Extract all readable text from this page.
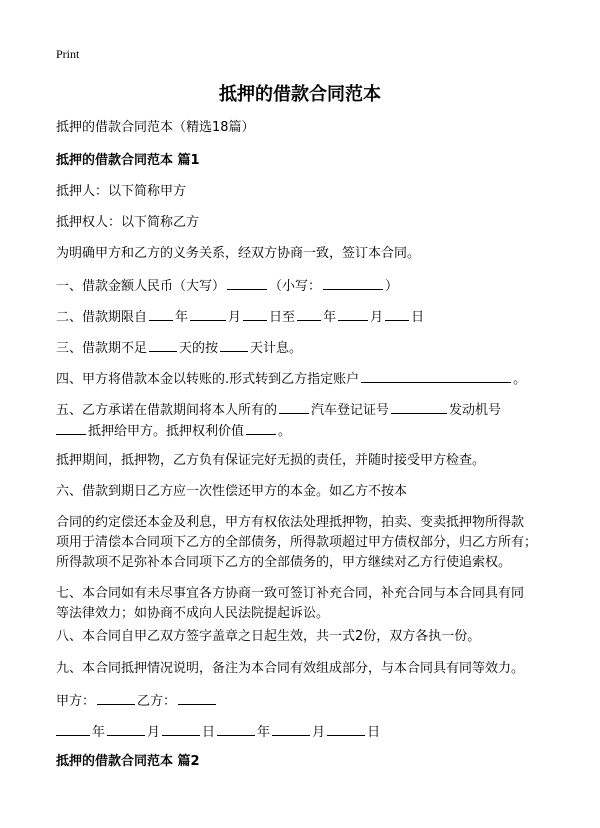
Print
抵押的借款合同范本
抵押的借款合同范本（精选18篇）
抵押的借款合同范本 篇1
抵押人：以下简称甲方
抵押权人：以下简称乙方
为明确甲方和乙方的义务关系，经双方协商一致，签订本合同。
一、借款金额人民币（大写）	（小写：	）
二、借款期限自 年	月 日至 年	月 日
三、借款期不足 天的按 天计息。
四、甲方将借款本金以转账的.形式转到乙方指定账户	。
五、乙方承诺在借款期间将本人所有的	汽车登记证号	发动机号
抵押给甲方。抵押权利价值	。
抵押期间，抵押物，乙方负有保证完好无损的责任，并随时接受甲方检查。
六、借款到期日乙方应一次性偿还甲方的本金。如乙方不按本
合同的约定偿还本金及利息，甲方有权依法处理抵押物，拍卖、变卖抵押物所得款
项用于清偿本合同项下乙方的全部债务，所得款项超过甲方债权部分，归乙方所有；
所得款项不足弥补本合同项下乙方的全部债务的，甲方继续对乙方行使追索权。
七、本合同如有未尽事宜各方协商一致可签订补充合同，补充合同与本合同具有同
等法律效力；如协商不成向人民法院提起诉讼。
八、本合同自甲乙双方签字盖章之日起生效，共一式2份，双方各执一份。
九、本合同抵押情况说明，备注为本合同有效组成部分，与本合同具有同等效力。
甲方：	乙方：
年	月	日	年	月	日
抵押的借款合同范本 篇2
